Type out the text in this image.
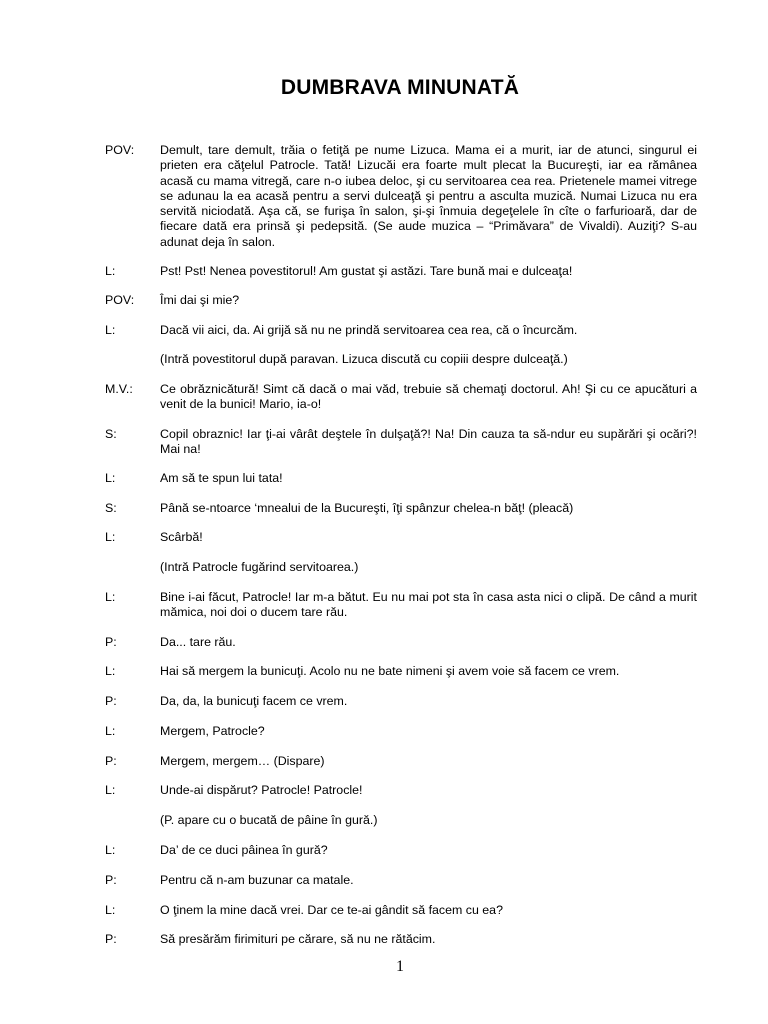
DUMBRAVA MINUNATĂ
POV:	Demult, tare demult, trăia o fetiţă pe nume Lizuca. Mama ei a murit, iar de atunci, singurul ei prieten era căţelul Patrocle. Tată! Lizucăi era foarte mult plecat la Bucureşti, iar ea rămânea acasă cu mama vitregă, care n-o iubea deloc, şi cu servitoarea cea rea. Prietenele mamei vitrege se adunau la ea acasă pentru a servi dulceaţă şi pentru a asculta muzică. Numai Lizuca nu era servită niciodată. Aşa că, se furişa în salon, şi-şi înmuia degeţelele în cîte o farfurioară, dar de fiecare dată era prinsă şi pedepsită. (Se aude muzica – “Primăvara” de Vivaldi). Auziţi? S-au adunat deja în salon.
L:	Pst! Pst! Nenea povestitorul! Am gustat şi astăzi. Tare bună mai e dulceaţa!
POV:	Îmi dai şi mie?
L:	Dacă vii aici, da. Ai grijă să nu ne prindă servitoarea cea rea, că o încurcăm.
(Intră povestitorul după paravan. Lizuca discută cu copiii despre dulceaţă.)
M.V.:	Ce obrăznicătură! Simt că dacă o mai văd, trebuie să chemaţi doctorul. Ah! Şi cu ce apucături a venit de la bunici! Mario, ia-o!
S:	Copil obraznic! Iar ţi-ai vârât deştele în dulşaţă?! Na! Din cauza ta să-ndur eu supărări şi ocări?! Mai na!
L:	Am să te spun lui tata!
S:	Până se-ntoarce ‘mnealui de la Bucureşti, îţi spânzur chelea-n băţ! (pleacă)
L:	Scârbă!
(Intră Patrocle fugărind servitoarea.)
L:	Bine i-ai făcut, Patrocle! Iar m-a bătut. Eu nu mai pot sta în casa asta nici o clipă. De când a murit mămica, noi doi o ducem tare rău.
P:	Da... tare rău.
L:	Hai să mergem la bunicuţi. Acolo nu ne bate nimeni şi avem voie să facem ce vrem.
P:	Da, da, la bunicuţi facem ce vrem.
L:	Mergem, Patrocle?
P:	Mergem, mergem… (Dispare)
L:	Unde-ai dispărut? Patrocle! Patrocle!
(P. apare cu o bucată de pâine în gură.)
L:	Da’ de ce duci pâinea în gură?
P:	Pentru că n-am buzunar ca matale.
L:	O ţinem la mine dacă vrei. Dar ce te-ai gândit să facem cu ea?
P:	Să presărăm firimituri pe cărare, să nu ne rătăcim.
1
